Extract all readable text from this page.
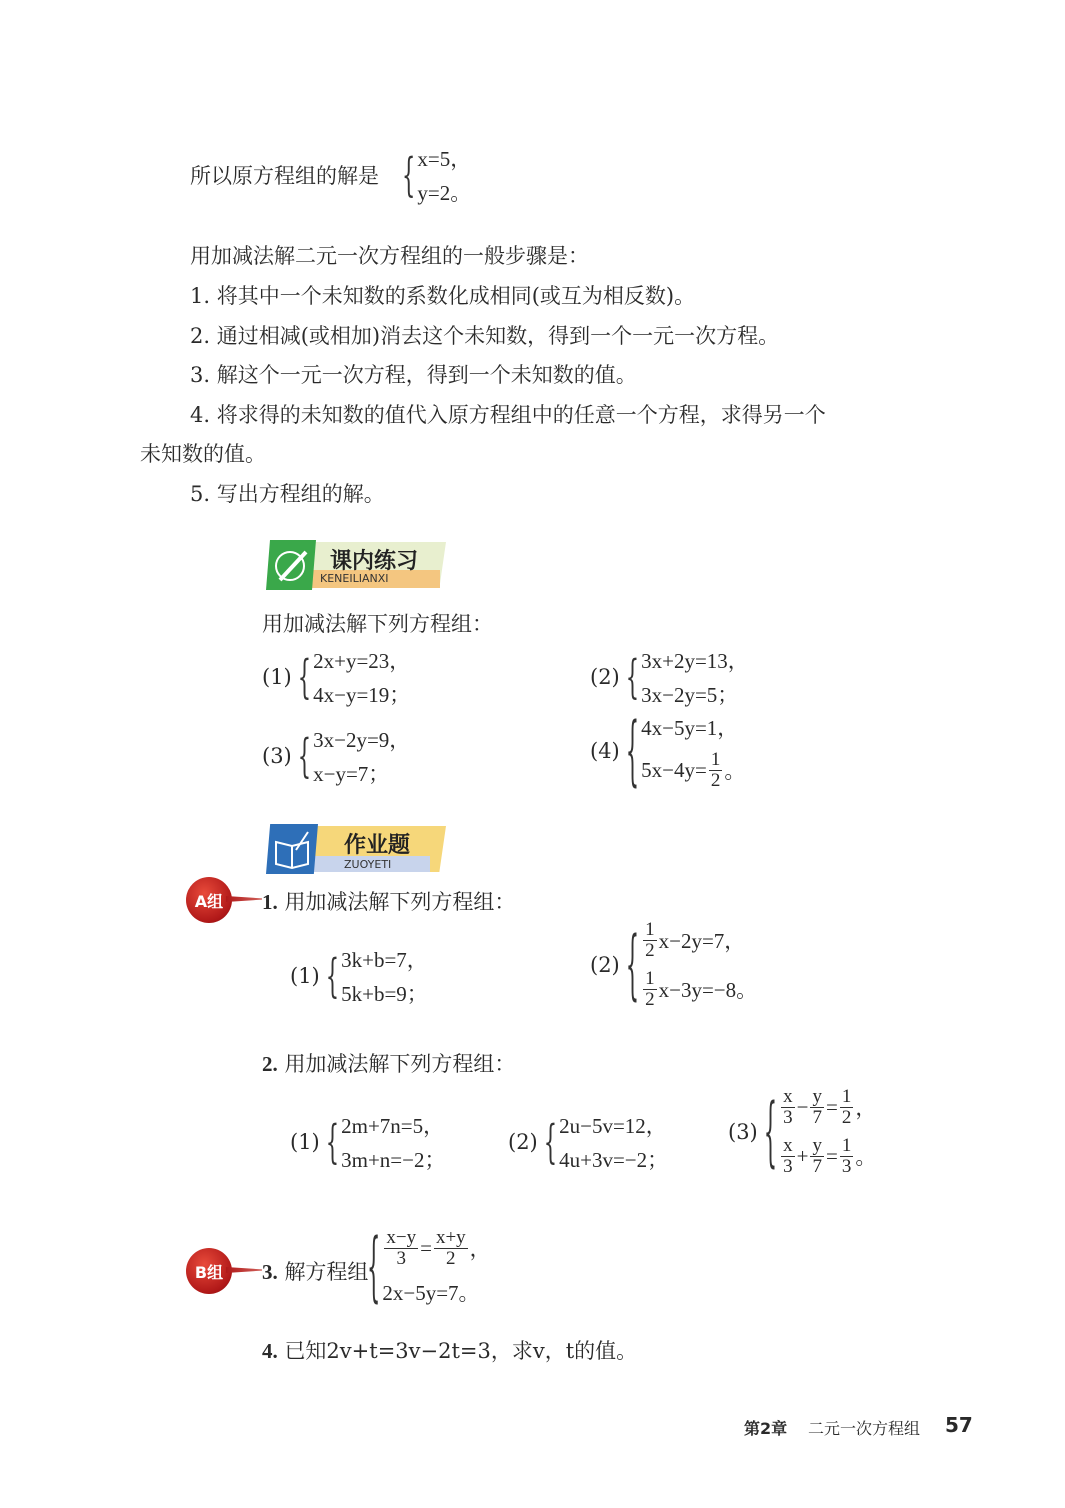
所以原方程组的解是 { x=5，
y=2。
用加减法解二元一次方程组的一般步骤是：
1. 将其中一个未知数的系数化成相同(或互为相反数)。
2. 通过相减(或相加)消去这个未知数，得到一个一元一次方程。
3. 解这个一元一次方程，得到一个未知数的值。
4. 将求得的未知数的值代入原方程组中的任意一个方程，求得另一个
未知数的值。
5. 写出方程组的解。
课内练习
KENEILIANXI
用加减法解下列方程组：
(1) { 2x+y=23，
4x−y=19；
(2) { 3x+2y=13，
3x−2y=5；
(3) { 3x−2y=9，
x−y=7；
(4) { 4x−5y=1，
$5x-4y= \frac{1}{2}$ 。
作业题
ZUOYETI
A组	1. 用加减法解下列方程组：
(1) { 3k+b=7，
5k+b=9；
(2) { $\frac{1}{2} x-2y=7$，
$\frac{1}{2} x-3y=-8$。
2. 用加减法解下列方程组：
(1) { 2m+7n=5，
3m+n=−2；
(2) { 2u−5v=12，
4u+3v=−2；
(3) { $\frac{x}{3} - \frac{y}{7} = \frac{1}{2}$ ，
$\frac{x}{3} + \frac{y}{7} = \frac{1}{3}$ 。
B组	3. 解方程组
{ $\frac{x-y}{3} = \frac{x+y}{2}$ ，
2x−5y=7。
4. 已知2v+t=3v−2t=3，求v，t的值。
第2章 二元一次方程组 57
